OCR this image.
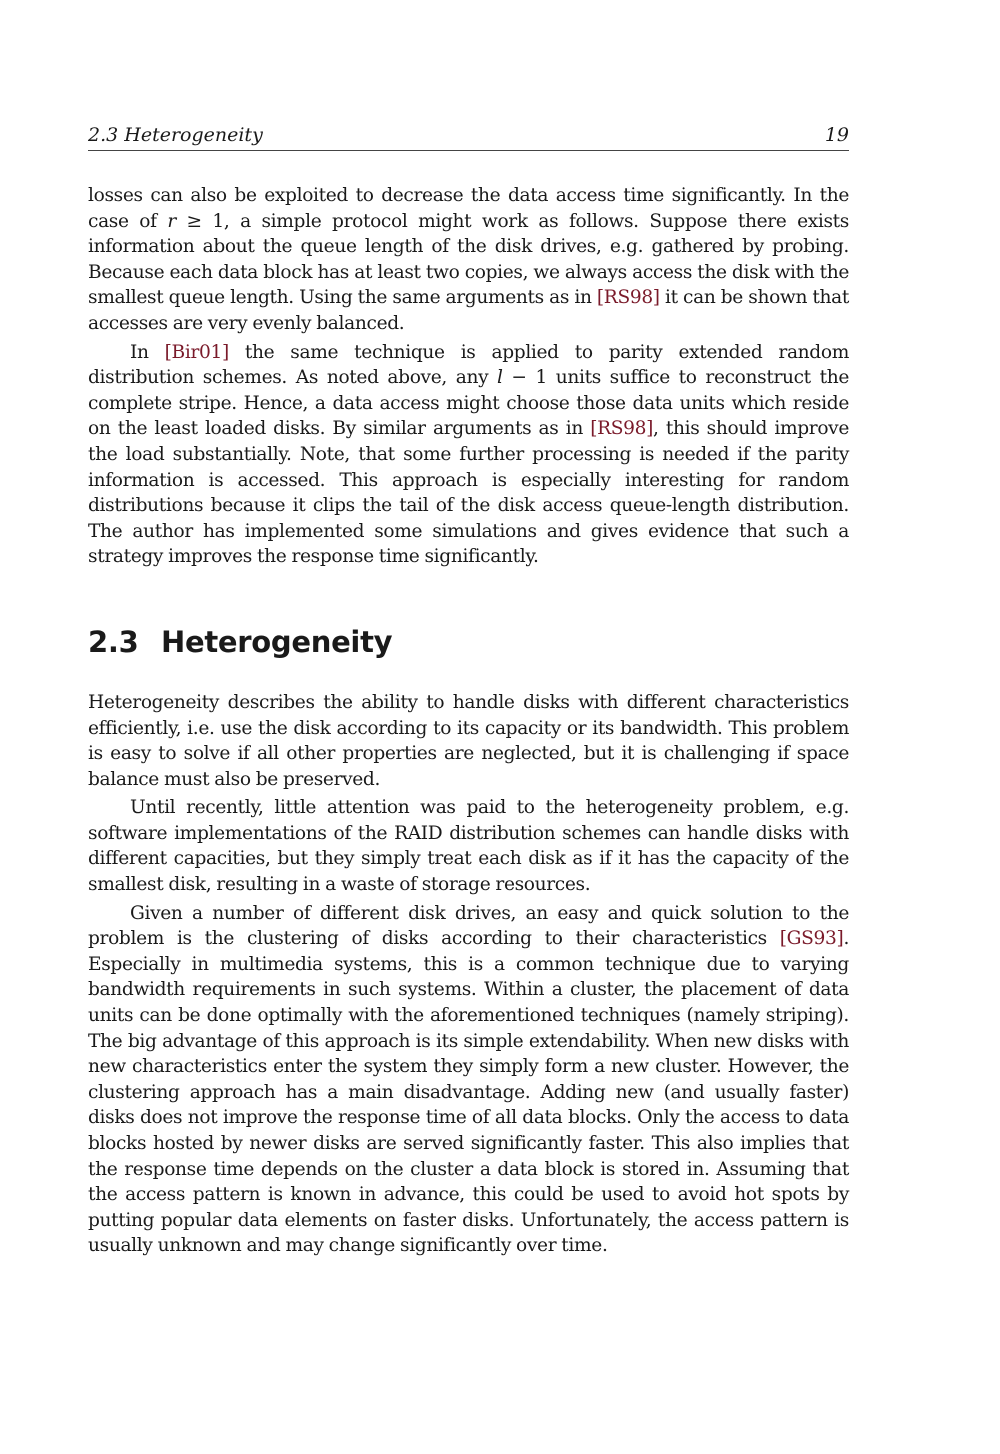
2.3 Heterogeneity	19

losses can also be exploited to decrease the data access time significantly. In the case of r ≥ 1, a simple protocol might work as follows. Suppose there exists information about the queue length of the disk drives, e.g. gathered by probing. Because each data block has at least two copies, we always access the disk with the smallest queue length. Using the same arguments as in [RS98] it can be shown that accesses are very evenly balanced.

In [Bir01] the same technique is applied to parity extended random distribution schemes. As noted above, any l − 1 units suffice to reconstruct the complete stripe. Hence, a data access might choose those data units which reside on the least loaded disks. By similar arguments as in [RS98], this should improve the load substantially. Note, that some further processing is needed if the parity information is accessed. This approach is especially interesting for random distributions because it clips the tail of the disk access queue-length distribution. The author has implemented some simulations and gives evidence that such a strategy improves the response time significantly.

2.3 Heterogeneity

Heterogeneity describes the ability to handle disks with different characteristics efficiently, i.e. use the disk according to its capacity or its bandwidth. This problem is easy to solve if all other properties are neglected, but it is challenging if space balance must also be preserved.

Until recently, little attention was paid to the heterogeneity problem, e.g. software implementations of the RAID distribution schemes can handle disks with different capacities, but they simply treat each disk as if it has the capacity of the smallest disk, resulting in a waste of storage resources.

Given a number of different disk drives, an easy and quick solution to the problem is the clustering of disks according to their characteristics [GS93]. Especially in multimedia systems, this is a common technique due to varying bandwidth requirements in such systems. Within a cluster, the placement of data units can be done optimally with the aforementioned techniques (namely striping). The big advantage of this approach is its simple extendability. When new disks with new characteristics enter the system they simply form a new cluster. However, the clustering approach has a main disadvantage. Adding new (and usually faster) disks does not improve the response time of all data blocks. Only the access to data blocks hosted by newer disks are served significantly faster. This also implies that the response time depends on the cluster a data block is stored in. Assuming that the access pattern is known in advance, this could be used to avoid hot spots by putting popular data elements on faster disks. Unfortunately, the access pattern is usually unknown and may change significantly over time.
